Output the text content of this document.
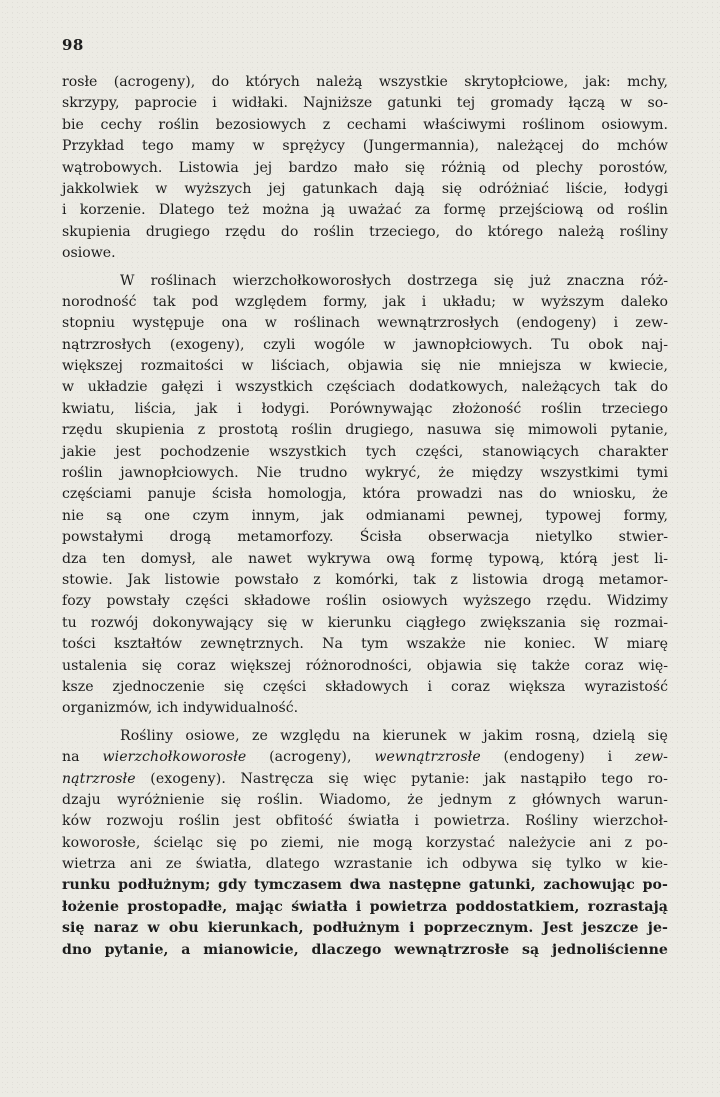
98
rosłe (acrogeny), do których należą wszystkie skrytopłciowe, jak: mchy,
skrzypy, paprocie i widłaki. Najniższe gatunki tej gromady łączą w so-
bie cechy roślin bezosiowych z cechami właściwymi roślinom osiowym.
Przykład tego mamy w sprężycy (Jungermannia), należącej do mchów
wątrobowych. Listowia jej bardzo mało się różnią od plechy porostów,
jakkolwiek w wyższych jej gatunkach dają się odróżniać liście, łodygi
i korzenie. Dlatego też można ją uważać za formę przejściową od roślin
skupienia drugiego rzędu do roślin trzeciego, do którego należą rośliny
osiowe.
W roślinach wierzchołkoworosłych dostrzega się już znaczna róż-
norodność tak pod względem formy, jak i układu; w wyższym daleko
stopniu występuje ona w roślinach wewnątrzrosłych (endogeny) i zew-
nątrzrosłych (exogeny), czyli wogóle w jawnopłciowych. Tu obok naj-
większej rozmaitości w liściach, objawia się nie mniejsza w kwiecie,
w układzie gałęzi i wszystkich częściach dodatkowych, należących tak do
kwiatu, liścia, jak i łodygi. Porównywając złożoność roślin trzeciego
rzędu skupienia z prostotą roślin drugiego, nasuwa się mimowoli pytanie,
jakie jest pochodzenie wszystkich tych części, stanowiących charakter
roślin jawnopłciowych. Nie trudno wykryć, że między wszystkimi tymi
częściami panuje ścisła homologja, która prowadzi nas do wniosku, że
nie są one czym innym, jak odmianami pewnej, typowej formy,
powstałymi drogą metamorfozy. Ścisła obserwacja nietylko stwier-
dza ten domysł, ale nawet wykrywa ową formę typową, którą jest li-
stowie. Jak listowie powstało z komórki, tak z listowia drogą metamor-
fozy powstały części składowe roślin osiowych wyższego rzędu. Widzimy
tu rozwój dokonywający się w kierunku ciągłego zwiększania się rozmai-
tości kształtów zewnętrznych. Na tym wszakże nie koniec. W miarę
ustalenia się coraz większej różnorodności, objawia się także coraz wię-
ksze zjednoczenie się części składowych i coraz większa wyrazistość
organizmów, ich indywidualność.
Rośliny osiowe, ze względu na kierunek w jakim rosną, dzielą się
na wierzchołkoworosłe (acrogeny), wewnątrzrosłe (endogeny) i zew-
nątrzrosłe (exogeny). Nastręcza się więc pytanie: jak nastąpiło tego ro-
dzaju wyróżnienie się roślin. Wiadomo, że jednym z głównych warun-
ków rozwoju roślin jest obfitość światła i powietrza. Rośliny wierzchoł-
koworosłe, ścieląc się po ziemi, nie mogą korzystać należycie ani z po-
wietrza ani ze światła, dlatego wzrastanie ich odbywa się tylko w kie-
runku podłużnym; gdy tymczasem dwa następne gatunki, zachowując po-
łożenie prostopadłe, mając światła i powietrza poddostatkiem, rozrastają
się naraz w obu kierunkach, podłużnym i poprzecznym. Jest jeszcze je-
dno pytanie, a mianowicie, dlaczego wewnątrzrosłe są jednoliścienne
